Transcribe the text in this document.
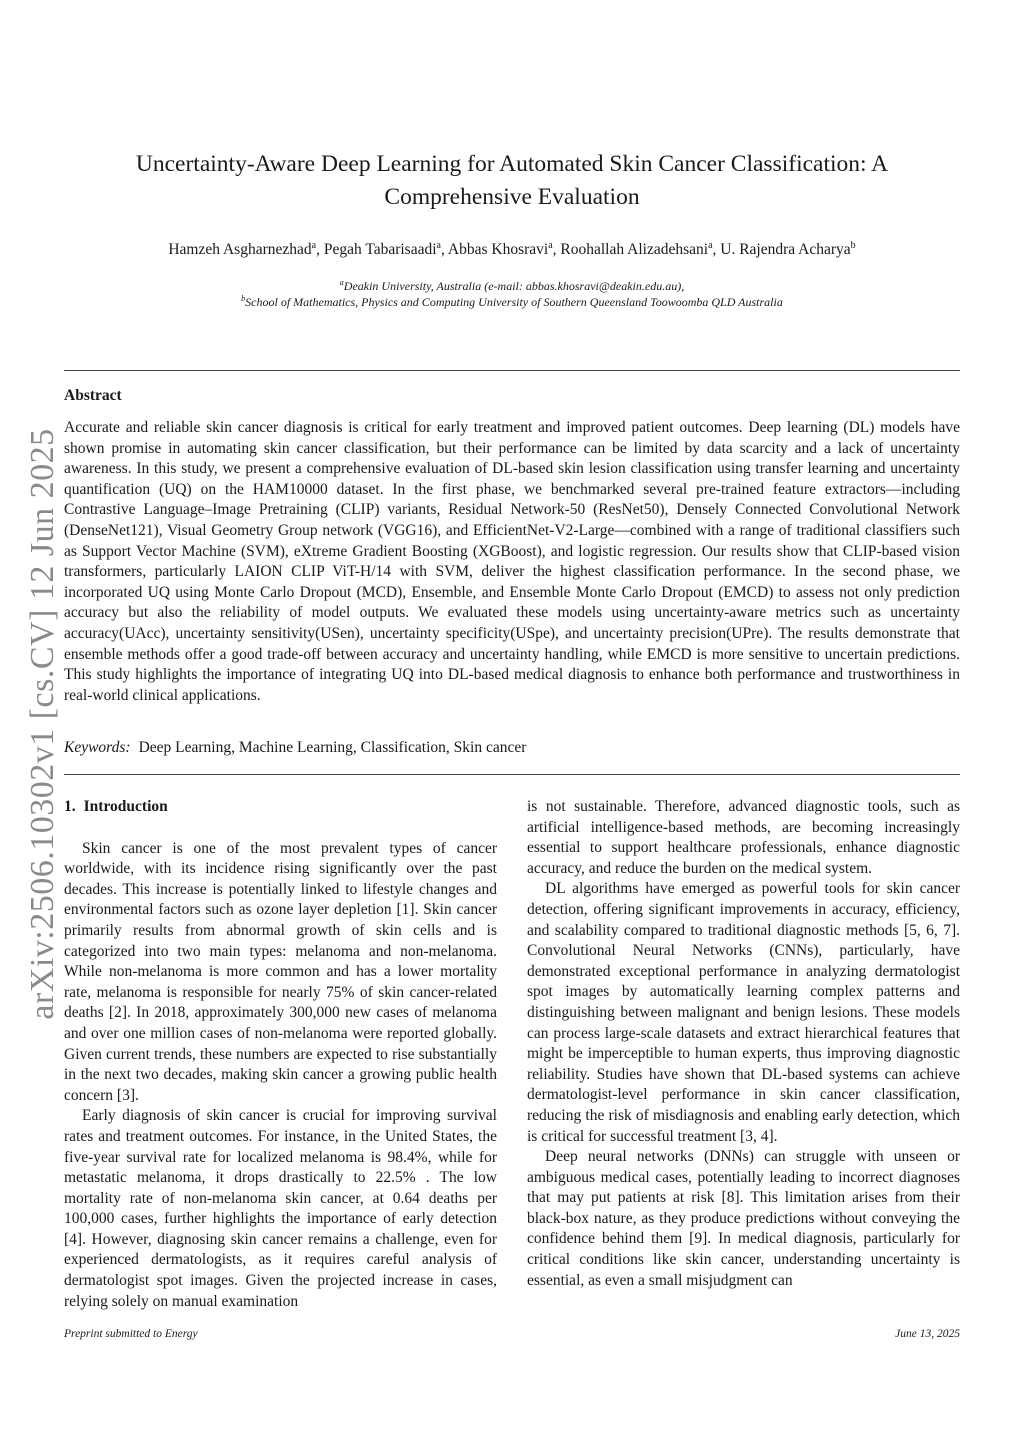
arXiv:2506.10302v1 [cs.CV] 12 Jun 2025
Uncertainty-Aware Deep Learning for Automated Skin Cancer Classification: A Comprehensive Evaluation
Hamzeh Asgharnezhad$^a$, Pegah Tabarisaadi$^a$, Abbas Khosravi$^a$, Roohallah Alizadehsani$^a$, U. Rajendra Acharya$^b$
$^a$Deakin University, Australia (e-mail: abbas.khosravi@deakin.edu.au),
$^b$School of Mathematics, Physics and Computing University of Southern Queensland Toowoomba QLD Australia
Abstract

Accurate and reliable skin cancer diagnosis is critical for early treatment and improved patient outcomes. Deep learning (DL) models have shown promise in automating skin cancer classification, but their performance can be limited by data scarcity and a lack of uncertainty awareness. In this study, we present a comprehensive evaluation of DL-based skin lesion classification using transfer learning and uncertainty quantification (UQ) on the HAM10000 dataset. In the first phase, we benchmarked several pre-trained feature extractors—including Contrastive Language–Image Pretraining (CLIP) variants, Residual Network-50 (ResNet50), Densely Connected Convolutional Network (DenseNet121), Visual Geometry Group network (VGG16), and EfficientNet-V2-Large—combined with a range of traditional classifiers such as Support Vector Machine (SVM), eXtreme Gradient Boosting (XGBoost), and logistic regression. Our results show that CLIP-based vision transformers, particularly LAION CLIP ViT-H/14 with SVM, deliver the highest classification performance. In the second phase, we incorporated UQ using Monte Carlo Dropout (MCD), Ensemble, and Ensemble Monte Carlo Dropout (EMCD) to assess not only prediction accuracy but also the reliability of model outputs. We evaluated these models using uncertainty-aware metrics such as uncertainty accuracy(UAcc), uncertainty sensitivity(USen), uncertainty specificity(USpe), and uncertainty precision(UPre). The results demonstrate that ensemble methods offer a good trade-off between accuracy and uncertainty handling, while EMCD is more sensitive to uncertain predictions. This study highlights the importance of integrating UQ into DL-based medical diagnosis to enhance both performance and trustworthiness in real-world clinical applications.

Keywords: Deep Learning, Machine Learning, Classification, Skin cancer
1. Introduction

Skin cancer is one of the most prevalent types of cancer worldwide, with its incidence rising significantly over the past decades. This increase is potentially linked to lifestyle changes and environmental factors such as ozone layer depletion [1]. Skin cancer primarily results from abnormal growth of skin cells and is categorized into two main types: melanoma and non-melanoma. While non-melanoma is more common and has a lower mortality rate, melanoma is responsible for nearly 75% of skin cancer-related deaths [2]. In 2018, approximately 300,000 new cases of melanoma and over one million cases of non-melanoma were reported globally. Given current trends, these numbers are expected to rise substantially in the next two decades, making skin cancer a growing public health concern [3].

Early diagnosis of skin cancer is crucial for improving survival rates and treatment outcomes. For instance, in the United States, the five-year survival rate for localized melanoma is 98.4%, while for metastatic melanoma, it drops drastically to 22.5% . The low mortality rate of non-melanoma skin cancer, at 0.64 deaths per 100,000 cases, further highlights the importance of early detection [4]. However, diagnosing skin cancer remains a challenge, even for experienced dermatologists, as it requires careful analysis of dermatologist spot images. Given the projected increase in cases, relying solely on manual examination

is not sustainable. Therefore, advanced diagnostic tools, such as artificial intelligence-based methods, are becoming increasingly essential to support healthcare professionals, enhance diagnostic accuracy, and reduce the burden on the medical system.

DL algorithms have emerged as powerful tools for skin cancer detection, offering significant improvements in accuracy, efficiency, and scalability compared to traditional diagnostic methods [5, 6, 7]. Convolutional Neural Networks (CNNs), particularly, have demonstrated exceptional performance in analyzing dermatologist spot images by automatically learning complex patterns and distinguishing between malignant and benign lesions. These models can process large-scale datasets and extract hierarchical features that might be imperceptible to human experts, thus improving diagnostic reliability. Studies have shown that DL-based systems can achieve dermatologist-level performance in skin cancer classification, reducing the risk of misdiagnosis and enabling early detection, which is critical for successful treatment [3, 4].

Deep neural networks (DNNs) can struggle with unseen or ambiguous medical cases, potentially leading to incorrect diagnoses that may put patients at risk [8]. This limitation arises from their black-box nature, as they produce predictions without conveying the confidence behind them [9]. In medical diagnosis, particularly for critical conditions like skin cancer, understanding uncertainty is essential, as even a small misjudgment can

Preprint submitted to Energy	June 13, 2025
